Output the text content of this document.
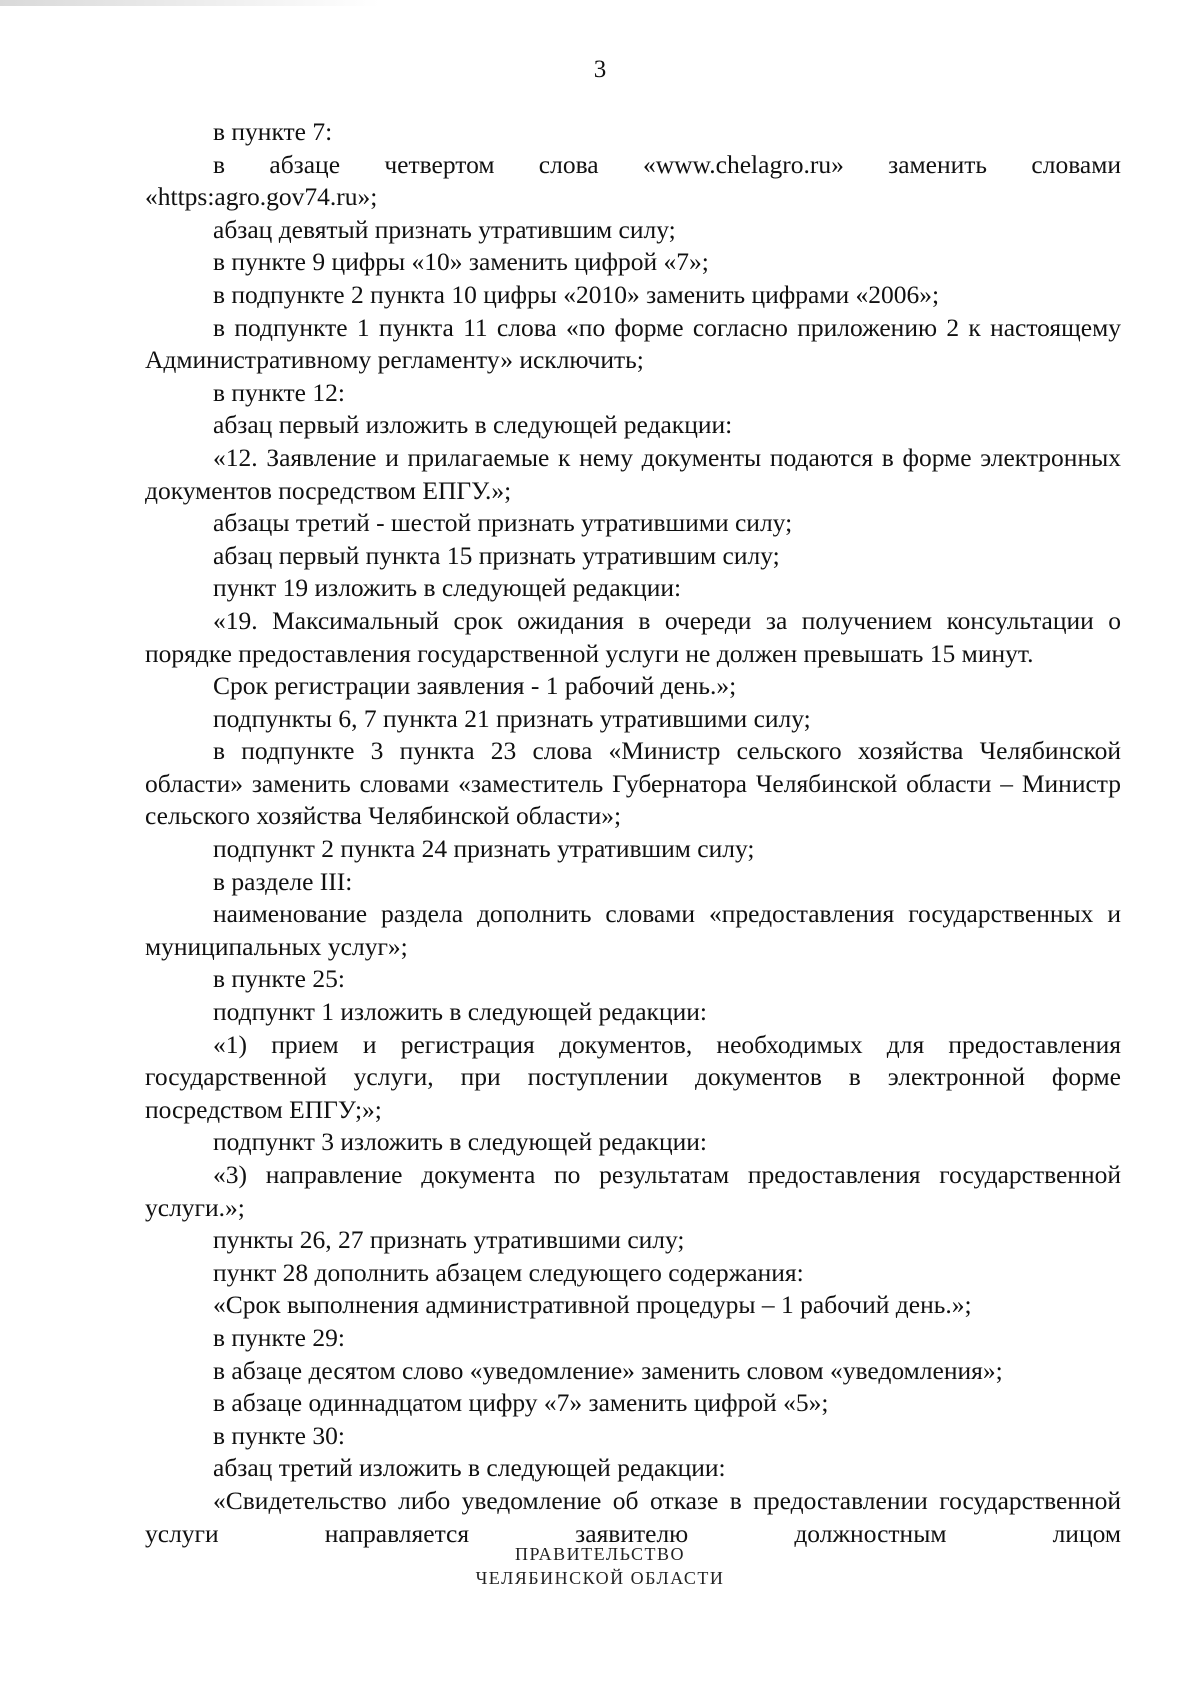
3

в пункте 7:

в абзаце четвертом слова «www.chelagro.ru» заменить словами «https:agro.gov74.ru»;

абзац девятый признать утратившим силу;

в пункте 9 цифры «10» заменить цифрой «7»;

в подпункте 2 пункта 10 цифры «2010» заменить цифрами «2006»;

в подпункте 1 пункта 11 слова «по форме согласно приложению 2 к настоящему Административному регламенту» исключить;

в пункте 12:

абзац первый изложить в следующей редакции:

«12. Заявление и прилагаемые к нему документы подаются в форме электронных документов посредством ЕПГУ.»;

абзацы третий - шестой признать утратившими силу;

абзац первый пункта 15 признать утратившим силу;

пункт 19 изложить в следующей редакции:

«19. Максимальный срок ожидания в очереди за получением консультации о порядке предоставления государственной услуги не должен превышать 15 минут.

Срок регистрации заявления - 1 рабочий день.»;

подпункты 6, 7 пункта 21 признать утратившими силу;

в подпункте 3 пункта 23 слова «Министр сельского хозяйства Челябинской области» заменить словами «заместитель Губернатора Челябинской области – Министр сельского хозяйства Челябинской области»;

подпункт 2 пункта 24 признать утратившим силу;

в разделе III:

наименование раздела дополнить словами «предоставления государственных и муниципальных услуг»;

в пункте 25:

подпункт 1 изложить в следующей редакции:

«1) прием и регистрация документов, необходимых для предоставления государственной услуги, при поступлении документов в электронной форме посредством ЕПГУ;»;

подпункт 3 изложить в следующей редакции:

«3) направление документа по результатам предоставления государственной услуги.»;

пункты 26, 27 признать утратившими силу;

пункт 28 дополнить абзацем следующего содержания:

«Срок выполнения административной процедуры – 1 рабочий день.»;

в пункте 29:

в абзаце десятом слово «уведомление» заменить словом «уведомления»;

в абзаце одиннадцатом цифру «7» заменить цифрой «5»;

в пункте 30:

абзац третий изложить в следующей редакции:

«Свидетельство либо уведомление об отказе в предоставлении государственной услуги направляется заявителю должностным лицом

ПРАВИТЕЛЬСТВО
ЧЕЛЯБИНСКОЙ ОБЛАСТИ
